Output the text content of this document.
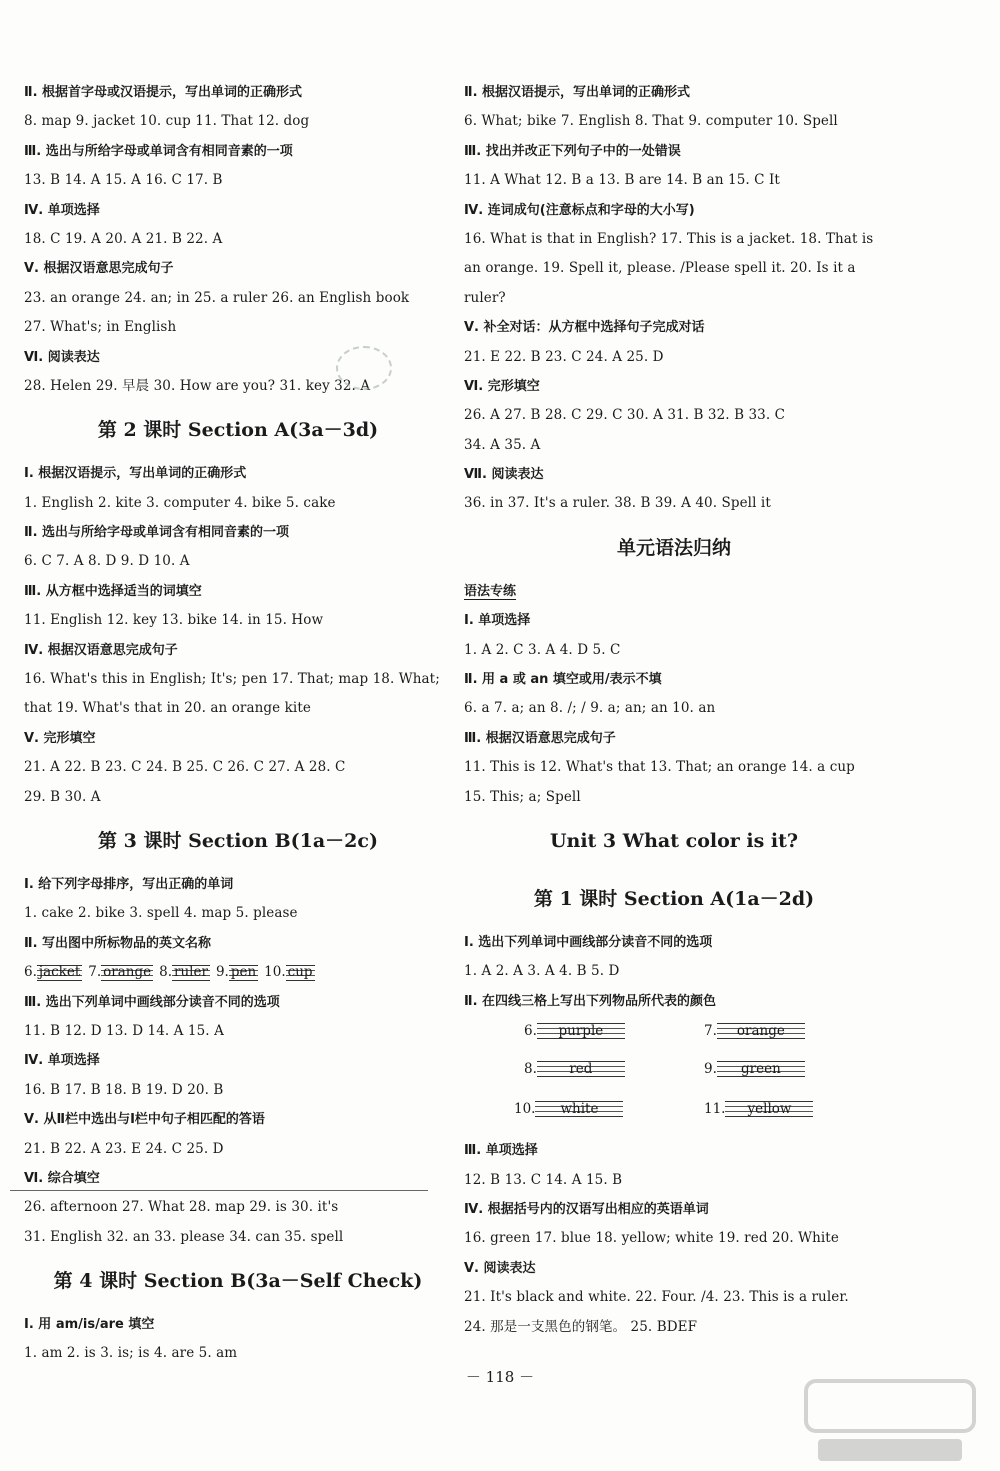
Ⅱ. 根据首字母或汉语提示，写出单词的正确形式
8. map 9. jacket 10. cup 11. That 12. dog
Ⅲ. 选出与所给字母或单词含有相同音素的一项
13. B 14. A 15. A 16. C 17. B
Ⅳ. 单项选择
18. C 19. A 20. A 21. B 22. A
Ⅴ. 根据汉语意思完成句子
23. an orange 24. an; in 25. a ruler 26. an English book
27. What's; in English
Ⅵ. 阅读表达
28. Helen 29. 早晨 30. How are you? 31. key 32. A
第 2 课时 Section A(3a－3d)
Ⅰ. 根据汉语提示，写出单词的正确形式
1. English 2. kite 3. computer 4. bike 5. cake
Ⅱ. 选出与所给字母或单词含有相同音素的一项
6. C 7. A 8. D 9. D 10. A
Ⅲ. 从方框中选择适当的词填空
11. English 12. key 13. bike 14. in 15. How
Ⅳ. 根据汉语意思完成句子
16. What's this in English; It's; pen 17. That; map 18. What;
that 19. What's that in 20. an orange kite
Ⅴ. 完形填空
21. A 22. B 23. C 24. B 25. C 26. C 27. A 28. C
29. B 30. A
第 3 课时 Section B(1a－2c)
Ⅰ. 给下列字母排序，写出正确的单词
1. cake 2. bike 3. spell 4. map 5. please
Ⅱ. 写出图中所标物品的英文名称
6. jacket 7. orange 8. ruler 9. pen 10. cup
Ⅲ. 选出下列单词中画线部分读音不同的选项
11. B 12. D 13. D 14. A 15. A
Ⅳ. 单项选择
16. B 17. B 18. B 19. D 20. B
Ⅴ. 从Ⅱ栏中选出与Ⅰ栏中句子相匹配的答语
21. B 22. A 23. E 24. C 25. D
Ⅵ. 综合填空
26. afternoon 27. What 28. map 29. is 30. it's
31. English 32. an 33. please 34. can 35. spell
第 4 课时 Section B(3a－Self Check)
Ⅰ. 用 am/is/are 填空
1. am 2. is 3. is; is 4. are 5. am
Ⅱ. 根据汉语提示，写出单词的正确形式
6. What; bike 7. English 8. That 9. computer 10. Spell
Ⅲ. 找出并改正下列句子中的一处错误
11. A What 12. B a 13. B are 14. B an 15. C It
Ⅳ. 连词成句(注意标点和字母的大小写)
16. What is that in English? 17. This is a jacket. 18. That is
an orange. 19. Spell it, please. /Please spell it. 20. Is it a
ruler?
Ⅴ. 补全对话：从方框中选择句子完成对话
21. E 22. B 23. C 24. A 25. D
Ⅵ. 完形填空
26. A 27. B 28. C 29. C 30. A 31. B 32. B 33. C
34. A 35. A
Ⅶ. 阅读表达
36. in 37. It's a ruler. 38. B 39. A 40. Spell it
单元语法归纳
语法专练
Ⅰ. 单项选择
1. A 2. C 3. A 4. D 5. C
Ⅱ. 用 a 或 an 填空或用/表示不填
6. a 7. a; an 8. /; / 9. a; an; an 10. an
Ⅲ. 根据汉语意思完成句子
11. This is 12. What's that 13. That; an orange 14. a cup
15. This; a; Spell
Unit 3 What color is it?
第 1 课时 Section A(1a－2d)
Ⅰ. 选出下列单词中画线部分读音不同的选项
1. A 2. A 3. A 4. B 5. D
Ⅱ. 在四线三格上写出下列物品所代表的颜色
6. purple	7. orange
8. red	9. green
10. white	11. yellow
Ⅲ. 单项选择
12. B 13. C 14. A 15. B
Ⅳ. 根据括号内的汉语写出相应的英语单词
16. green 17. blue 18. yellow; white 19. red 20. White
Ⅴ. 阅读表达
21. It's black and white. 22. Four. /4. 23. This is a ruler.
24. 那是一支黑色的钢笔。 25. BDEF
－ 118 －
